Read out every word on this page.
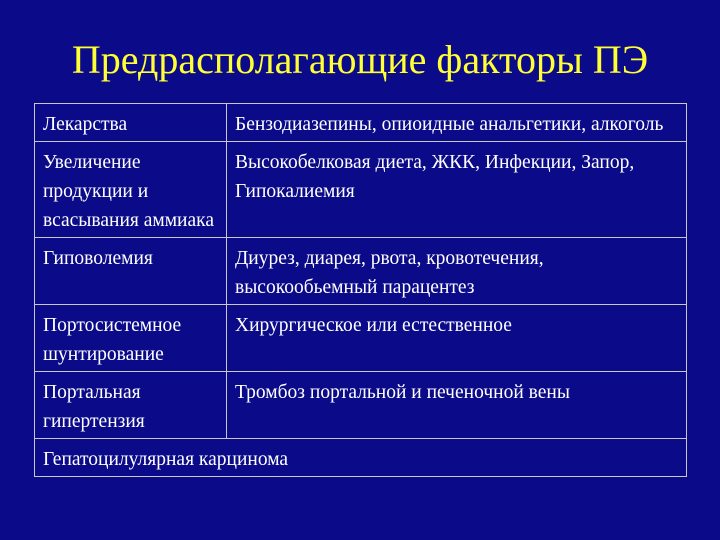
Предрасполагающие факторы ПЭ
Лекарства	Бензодиазепины, опиоидные анальгетики, алкоголь
Увеличение продукции и всасывания аммиака	Высокобелковая диета, ЖКК, Инфекции, Запор, Гипокалиемия
Гиповолемия	Диурез, диарея, рвота, кровотечения, высокообьемный парацентез
Портосистемное шунтирование	Хирургическое или естественное
Портальная гипертензия	Тромбоз портальной и печеночной вены
Гепатоцилулярная карцинома	
